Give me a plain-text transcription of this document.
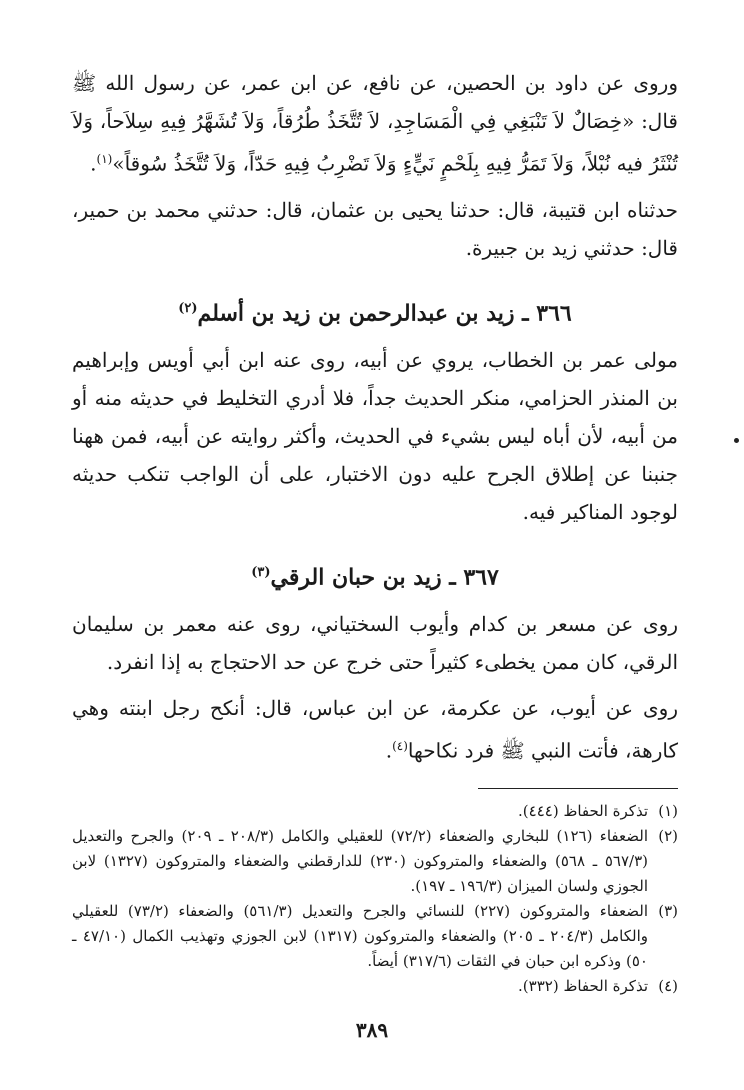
وروى عن داود بن الحصين، عن نافع، عن ابن عمر، عن رسول الله ﷺ قال: «خِصَالٌ لاَ تَنْبَغِي فِي الْمَسَاجِدِ، لاَ تُتَّخَذُ طُرُقاً، وَلاَ تُشَهَّرُ فِيهِ سِلاَحاً، وَلاَ تُنْثَرُ فيه نُبْلاً، وَلاَ تَمَرُّ فِيهِ بِلَحْمٍ نَيٍّءٍ وَلاَ تَضْرِبُ فِيهِ حَدّاً، وَلاَ تُتَّخَذُ سُوقاً»$^{(١)}$.

حدثناه ابن قتيبة، قال: حدثنا يحيى بن عثمان، قال: حدثني محمد بن حمير، قال: حدثني زيد بن جبيرة.

٣٦٦ ـ زيد بن عبدالرحمن بن زيد بن أسلم$^{(٢)}$

مولى عمر بن الخطاب، يروي عن أبيه، روى عنه ابن أبي أويس وإبراهيم بن المنذر الحزامي، منكر الحديث جداً، فلا أدري التخليط في حديثه منه أو من أبيه، لأن أباه ليس بشيء في الحديث، وأكثر روايته عن أبيه، فمن ههنا جنبنا عن إطلاق الجرح عليه دون الاختبار، على أن الواجب تنكب حديثه لوجود المناكير فيه.

٣٦٧ ـ زيد بن حبان الرقي$^{(٣)}$

روى عن مسعر بن كدام وأيوب السختياني، روى عنه معمر بن سليمان الرقي، كان ممن يخطىء كثيراً حتى خرج عن حد الاحتجاج به إذا انفرد.

روى عن أيوب، عن عكرمة، عن ابن عباس، قال: أنكح رجل ابنته وهي كارهة، فأتت النبي ﷺ فرد نكاحها$^{(٤)}$.

(١)
تذكرة الحفاظ (٤٤٤).

(٢)
الضعفاء (١٢٦) للبخاري والضعفاء (٧٢/٢) للعقيلي والكامل (٢٠٨/٣ ـ ٢٠٩) والجرح والتعديل (٥٦٧/٣ ـ ٥٦٨) والضعفاء والمتروكون (٢٣٠) للدارقطني والضعفاء والمتروكون (١٣٢٧) لابن الجوزي ولسان الميزان (١٩٦/٣ ـ ١٩٧).

(٣)
الضعفاء والمتروكون (٢٢٧) للنسائي والجرح والتعديل (٥٦١/٣) والضعفاء (٧٣/٢) للعقيلي والكامل (٢٠٤/٣ ـ ٢٠٥) والضعفاء والمتروكون (١٣١٧) لابن الجوزي وتهذيب الكمال (٤٧/١٠ ـ ٥٠) وذكره ابن حبان في الثقات (٣١٧/٦) أيضاً.

(٤)
تذكرة الحفاظ (٣٣٢).

٣٨٩
